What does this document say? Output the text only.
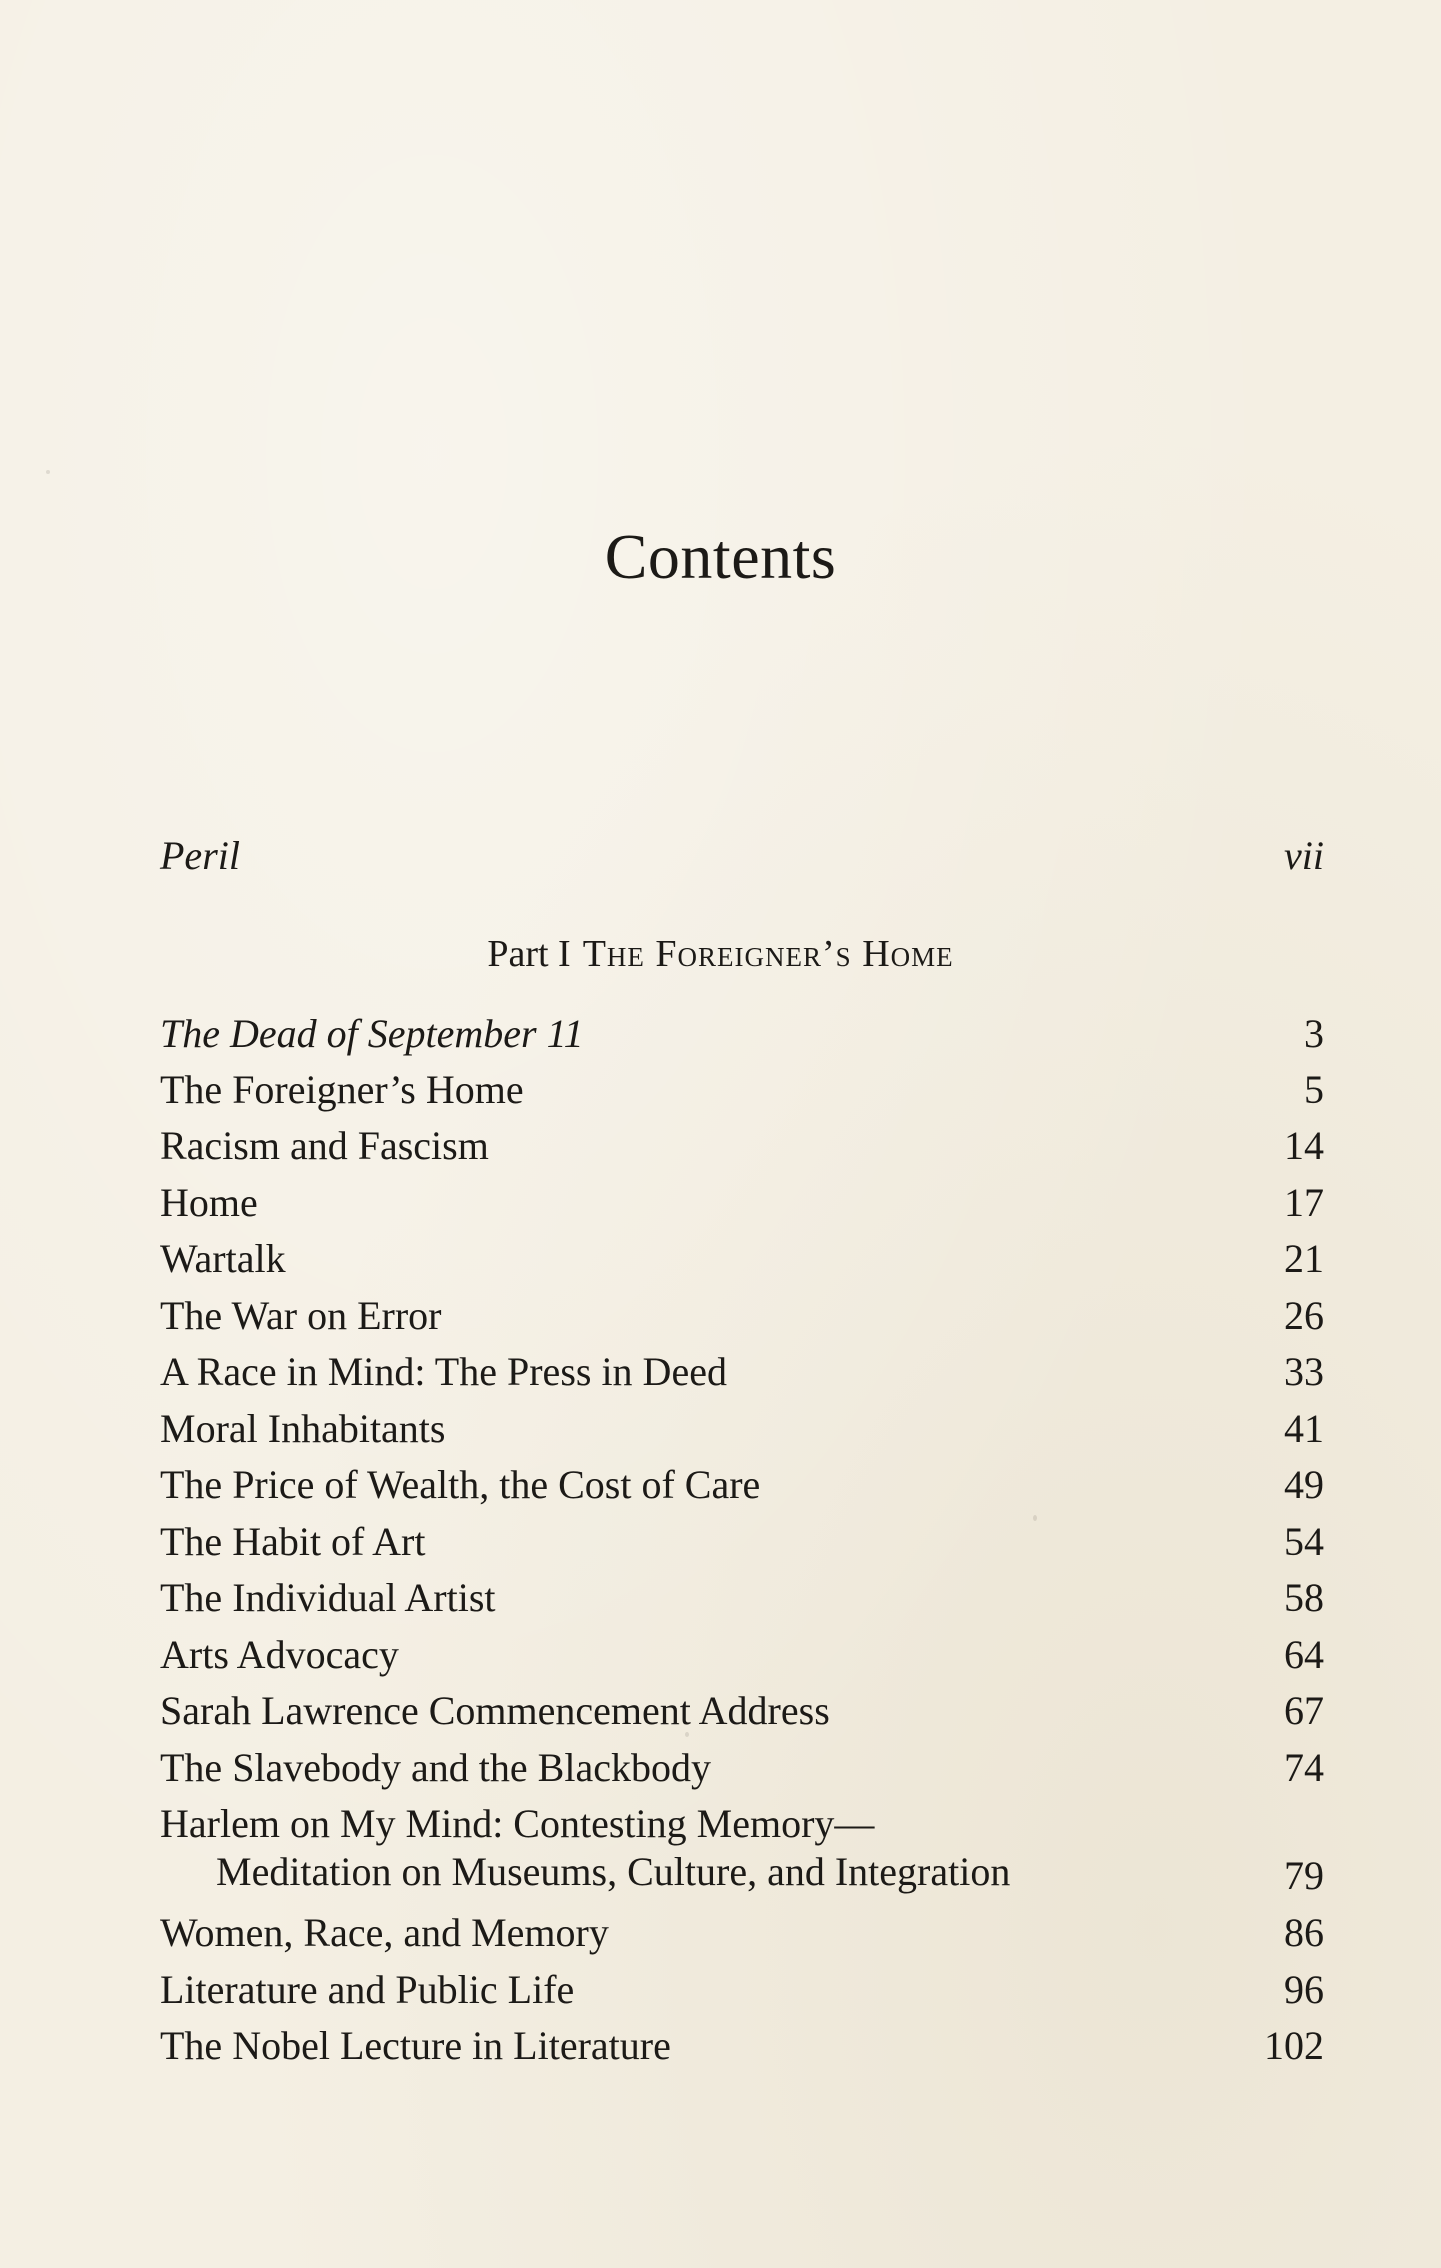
Contents
Peril	vii
Part I The Foreigner’s Home
The Dead of September 11	3
The Foreigner’s Home	5
Racism and Fascism	14
Home	17
Wartalk	21
The War on Error	26
A Race in Mind: The Press in Deed	33
Moral Inhabitants	41
The Price of Wealth, the Cost of Care	49
The Habit of Art	54
The Individual Artist	58
Arts Advocacy	64
Sarah Lawrence Commencement Address	67
The Slavebody and the Blackbody	74
Harlem on My Mind: Contesting Memory—
Meditation on Museums, Culture, and Integration	79
Women, Race, and Memory	86
Literature and Public Life	96
The Nobel Lecture in Literature	102
